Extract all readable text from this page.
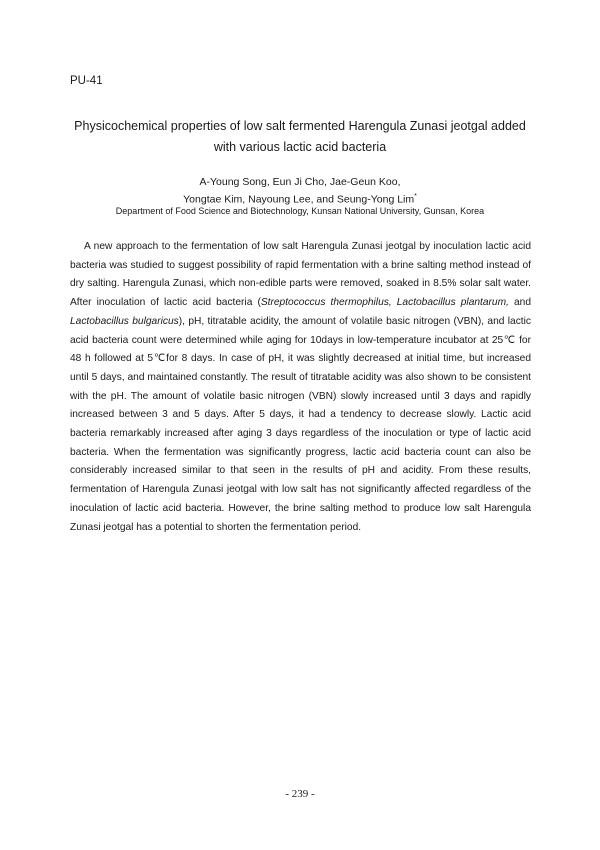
PU-41
Physicochemical properties of low salt fermented Harengula Zunasi jeotgal added
with various lactic acid bacteria
A-Young Song, Eun Ji Cho, Jae-Geun Koo,
Yongtae Kim, Nayoung Lee, and Seung-Yong Lim*
Department of Food Science and Biotechnology, Kunsan National University, Gunsan, Korea

A new approach to the fermentation of low salt Harengula Zunasi jeotgal by inoculation lactic acid bacteria was studied to suggest possibility of rapid fermentation with a brine salting method instead of dry salting. Harengula Zunasi, which non-edible parts were removed, soaked in 8.5% solar salt water. After inoculation of lactic acid bacteria (Streptococcus thermophilus, Lactobacillus plantarum, and Lactobacillus bulgaricus), pH, titratable acidity, the amount of volatile basic nitrogen (VBN), and lactic acid bacteria count were determined while aging for 10days in low-temperature incubator at 25℃ for 48 h followed at 5℃for 8 days. In case of pH, it was slightly decreased at initial time, but increased until 5 days, and maintained constantly. The result of titratable acidity was also shown to be consistent with the pH. The amount of volatile basic nitrogen (VBN) slowly increased until 3 days and rapidly increased between 3 and 5 days. After 5 days, it had a tendency to decrease slowly. Lactic acid bacteria remarkably increased after aging 3 days regardless of the inoculation or type of lactic acid bacteria. When the fermentation was significantly progress, lactic acid bacteria count can also be considerably increased similar to that seen in the results of pH and acidity. From these results, fermentation of Harengula Zunasi jeotgal with low salt has not significantly affected regardless of the inoculation of lactic acid bacteria. However, the brine salting method to produce low salt Harengula Zunasi jeotgal has a potential to shorten the fermentation period.

- 239 -
